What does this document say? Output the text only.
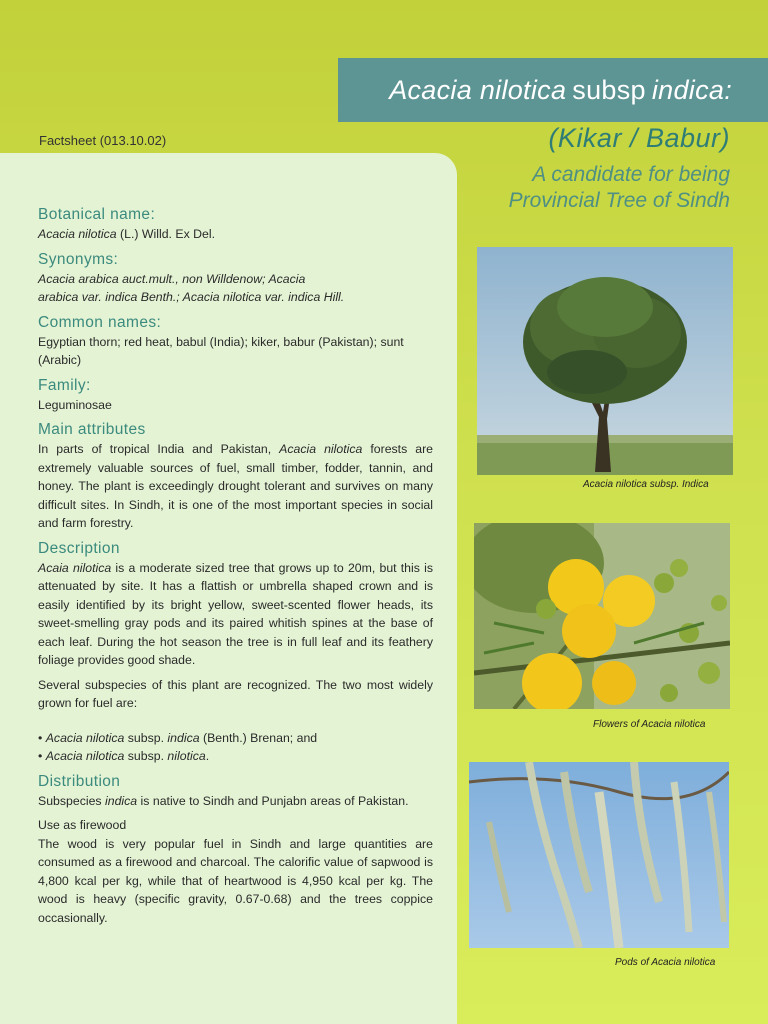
Acacia nilotica subsp indica:
Factsheet (013.10.02)	(Kikar / Babur)
A candidate for being
Provincial Tree of Sindh
Botanical name:

Acacia nilotica (L.) Willd. Ex Del.

Synonyms:

Acacia arabica auct.mult., non Willdenow; Acacia
arabica var. indica Benth.; Acacia nilotica var. indica Hill.

Common names:

Egyptian thorn; red heat, babul (India); kiker, babur (Pakistan); sunt (Arabic)

Family:

Leguminosae

Main attributes

In parts of tropical India and Pakistan, Acacia nilotica forests are extremely valuable sources of fuel, small timber, fodder, tannin, and honey. The plant is exceedingly drought tolerant and survives on many difficult sites. In Sindh, it is one of the most important species in social and farm forestry.

Description

Acaia nilotica is a moderate sized tree that grows up to 20m, but this is attenuated by site. It has a flattish or umbrella shaped crown and is easily identified by its bright yellow, sweet-scented flower heads, its sweet-smelling gray pods and its paired whitish spines at the base of each leaf. During the hot season the tree is in full leaf and its feathery foliage provides good shade.

Several subspecies of this plant are recognized. The two most widely grown for fuel are:

• Acacia nilotica subsp. indica (Benth.) Brenan; and
• Acacia nilotica subsp. nilotica.
Distribution

Subspecies indica is native to Sindh and Punjabn areas of Pakistan.

Use as firewood

The wood is very popular fuel in Sindh and large quantities are consumed as a firewood and charcoal. The calorific value of sapwood is 4,800 kcal per kg, while that of heartwood is 4,950 kcal per kg. The wood is heavy (specific gravity, 0.67-0.68) and the trees coppice occasionally.

Acacia nilotica subsp. Indica
Flowers of Acacia nilotica
Pods of Acacia nilotica
